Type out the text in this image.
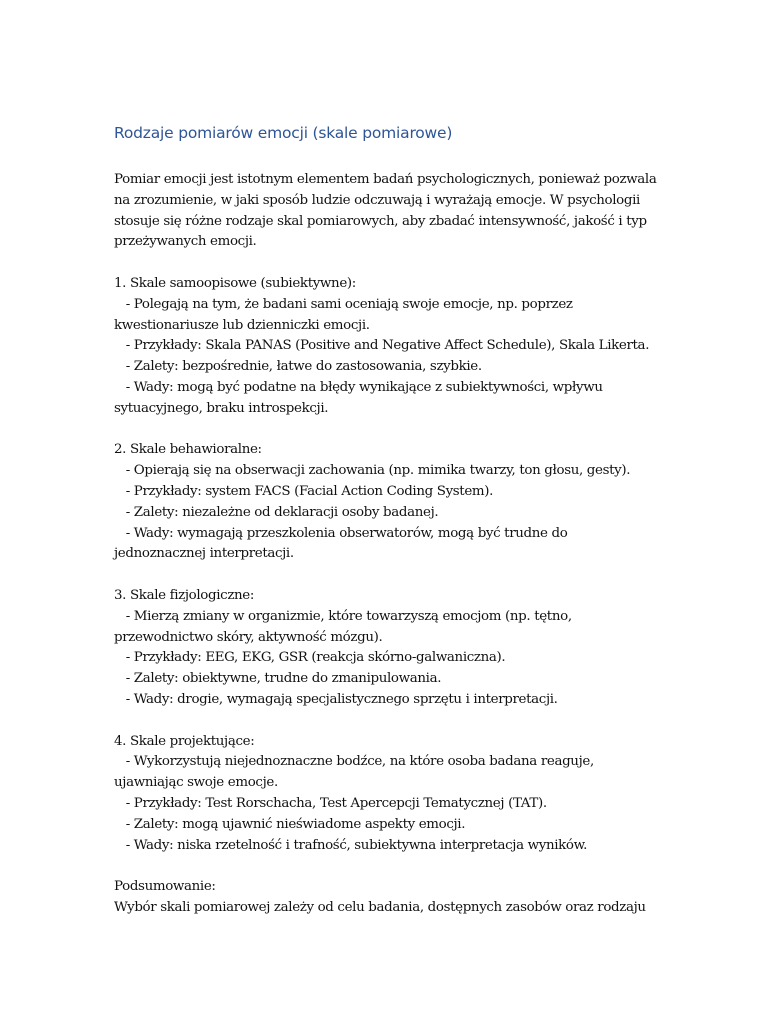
Rodzaje pomiarów emocji (skale pomiarowe)
Pomiar emocji jest istotnym elementem badań psychologicznych, ponieważ pozwala
na zrozumienie, w jaki sposób ludzie odczuwają i wyrażają emocje. W psychologii
stosuje się różne rodzaje skal pomiarowych, aby zbadać intensywność, jakość i typ
przeżywanych emocji.
1. Skale samoopisowe (subiektywne):
- Polegają na tym, że badani sami oceniają swoje emocje, np. poprzez
kwestionariusze lub dzienniczki emocji.
- Przykłady: Skala PANAS (Positive and Negative Affect Schedule), Skala Likerta.
- Zalety: bezpośrednie, łatwe do zastosowania, szybkie.
- Wady: mogą być podatne na błędy wynikające z subiektywności, wpływu
sytuacyjnego, braku introspekcji.
2. Skale behawioralne:
- Opierają się na obserwacji zachowania (np. mimika twarzy, ton głosu, gesty).
- Przykłady: system FACS (Facial Action Coding System).
- Zalety: niezależne od deklaracji osoby badanej.
- Wady: wymagają przeszkolenia obserwatorów, mogą być trudne do
jednoznacznej interpretacji.
3. Skale fizjologiczne:
- Mierzą zmiany w organizmie, które towarzyszą emocjom (np. tętno,
przewodnictwo skóry, aktywność mózgu).
- Przykłady: EEG, EKG, GSR (reakcja skórno-galwaniczna).
- Zalety: obiektywne, trudne do zmanipulowania.
- Wady: drogie, wymagają specjalistycznego sprzętu i interpretacji.
4. Skale projektujące:
- Wykorzystują niejednoznaczne bodźce, na które osoba badana reaguje,
ujawniając swoje emocje.
- Przykłady: Test Rorschacha, Test Apercepcji Tematycznej (TAT).
- Zalety: mogą ujawnić nieświadome aspekty emocji.
- Wady: niska rzetelność i trafność, subiektywna interpretacja wyników.
Podsumowanie:
Wybór skali pomiarowej zależy od celu badania, dostępnych zasobów oraz rodzaju
